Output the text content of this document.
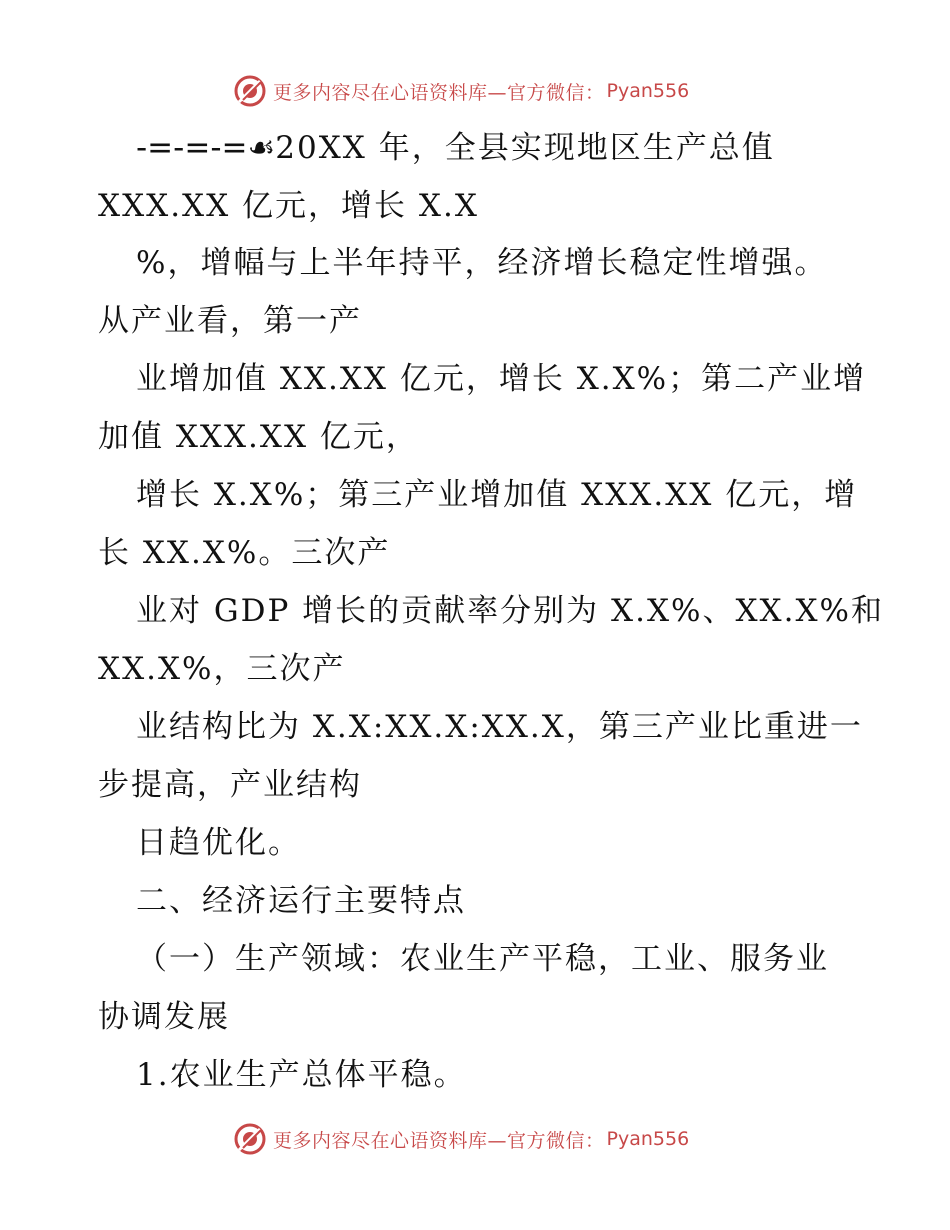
更多内容尽在心语资料库—官方微信： Pyan556
-=-=-=☙20XX 年，全县实现地区生产总值
XXX.XX 亿元，增长 X.X
%，增幅与上半年持平，经济增长稳定性增强。
从产业看，第一产
业增加值 XX.XX 亿元，增长 X.X%；第二产业增
加值 XXX.XX 亿元，
增长 X.X%；第三产业增加值 XXX.XX 亿元，增
长 XX.X%。三次产
业对 GDP 增长的贡献率分别为 X.X%、XX.X%和
XX.X%，三次产
业结构比为 X.X:XX.X:XX.X，第三产业比重进一
步提高，产业结构
日趋优化。
二、经济运行主要特点
（一）生产领域：农业生产平稳，工业、服务业
协调发展
1.农业生产总体平稳。
更多内容尽在心语资料库—官方微信： Pyan556
